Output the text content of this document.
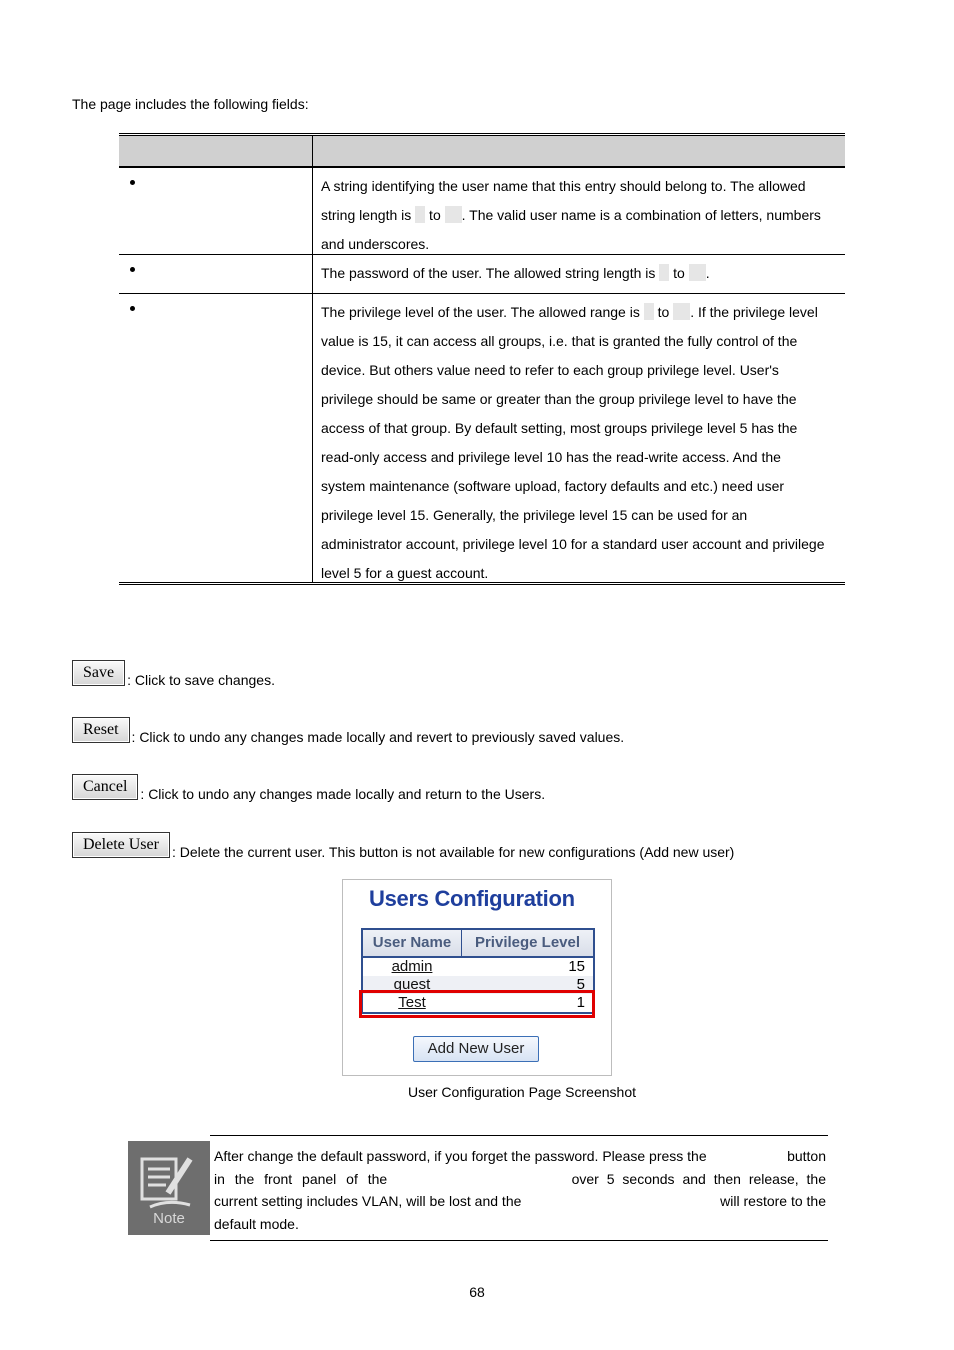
The page includes the following fields:
A string identifying the user name that this entry should belong to. The allowed
string length is  to . The valid user name is a combination of letters, numbers
and underscores.
The password of the user. The allowed string length is  to .
The privilege level of the user. The allowed range is  to . If the privilege level
value is 15, it can access all groups, i.e. that is granted the fully control of the
device. But others value need to refer to each group privilege level. User's
privilege should be same or greater than the group privilege level to have the
access of that group. By default setting, most groups privilege level 5 has the
read-only access and privilege level 10 has the read-write access. And the
system maintenance (software upload, factory defaults and etc.) need user
privilege level 15. Generally, the privilege level 15 can be used for an
administrator account, privilege level 10 for a standard user account and privilege
level 5 for a guest account.
Save : Click to save changes.
Reset : Click to undo any changes made locally and revert to previously saved values.
Cancel : Click to undo any changes made locally and return to the Users.
Delete User : Delete the current user. This button is not available for new configurations (Add new user)
Users Configuration
User Name	Privilege Level
admin	15
guest	5
Test	1
Add New User
User Configuration Page Screenshot
Note
After change the default password, if you forget the password. Please press the	button
in the front panel of the	over 5 seconds and then release, the
current setting includes VLAN, will be lost and the	will restore to the
default mode.
68
